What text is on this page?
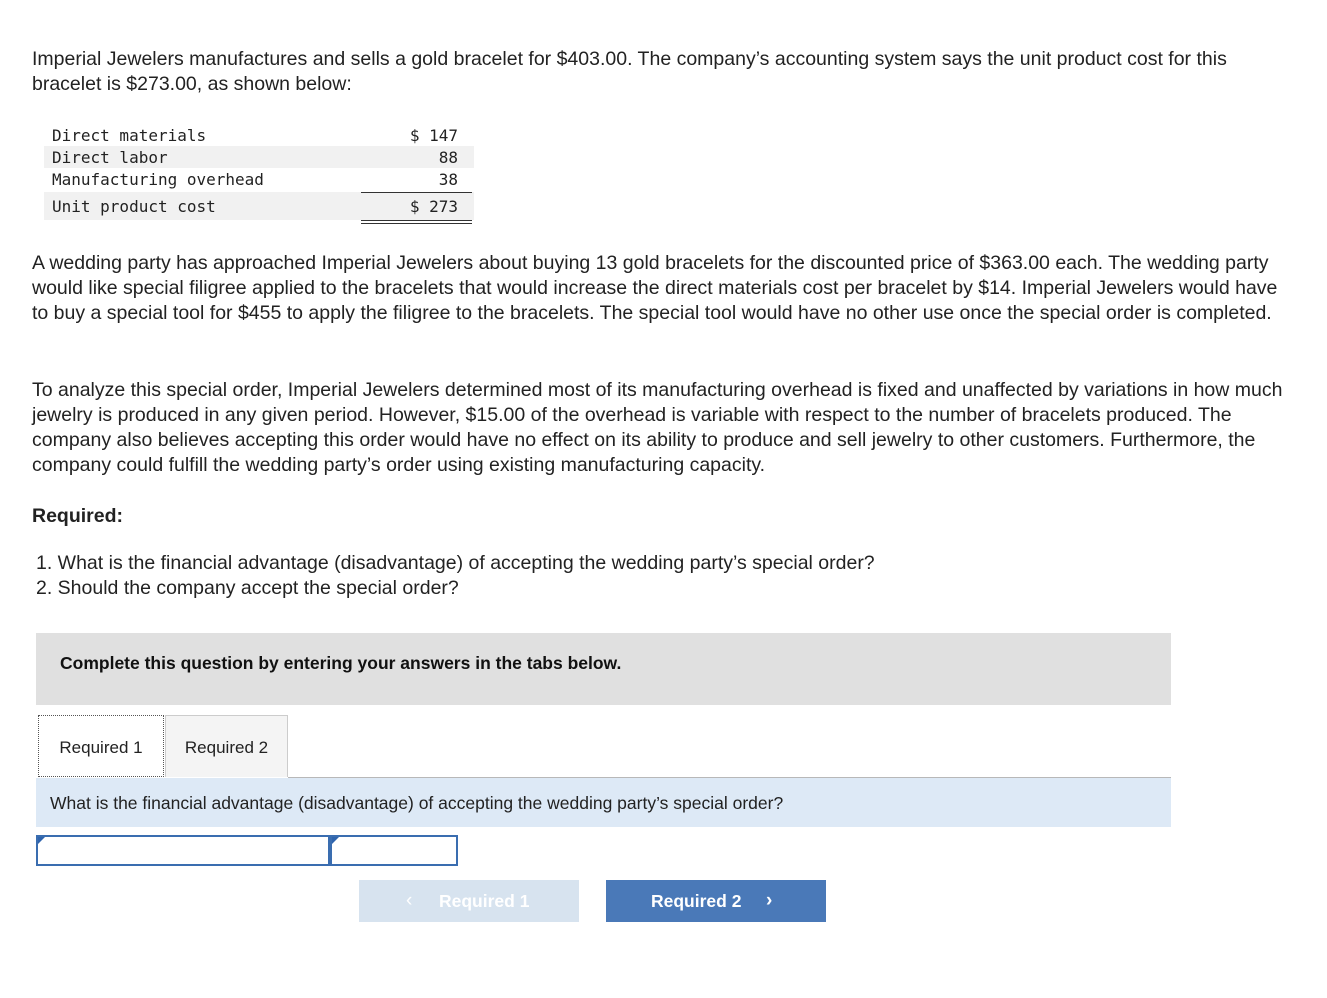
Imperial Jewelers manufactures and sells a gold bracelet for $403.00. The company’s accounting system says the unit product cost for this bracelet is $273.00, as shown below:

Direct materials	$ 147
Direct labor	88
Manufacturing overhead	38
Unit product cost	$ 273

A wedding party has approached Imperial Jewelers about buying 13 gold bracelets for the discounted price of $363.00 each. The wedding party would like special filigree applied to the bracelets that would increase the direct materials cost per bracelet by $14. Imperial Jewelers would have to buy a special tool for $455 to apply the filigree to the bracelets. The special tool would have no other use once the special order is completed.

To analyze this special order, Imperial Jewelers determined most of its manufacturing overhead is fixed and unaffected by variations in how much jewelry is produced in any given period. However, $15.00 of the overhead is variable with respect to the number of bracelets produced. The company also believes accepting this order would have no effect on its ability to produce and sell jewelry to other customers. Furthermore, the company could fulfill the wedding party’s order using existing manufacturing capacity.

Required:
1. What is the financial advantage (disadvantage) of accepting the wedding party’s special order?
2. Should the company accept the special order?
Complete this question by entering your answers in the tabs below.
Required 1	Required 2
What is the financial advantage (disadvantage) of accepting the wedding party’s special order?
‹ Required 1	Required 2 ›
